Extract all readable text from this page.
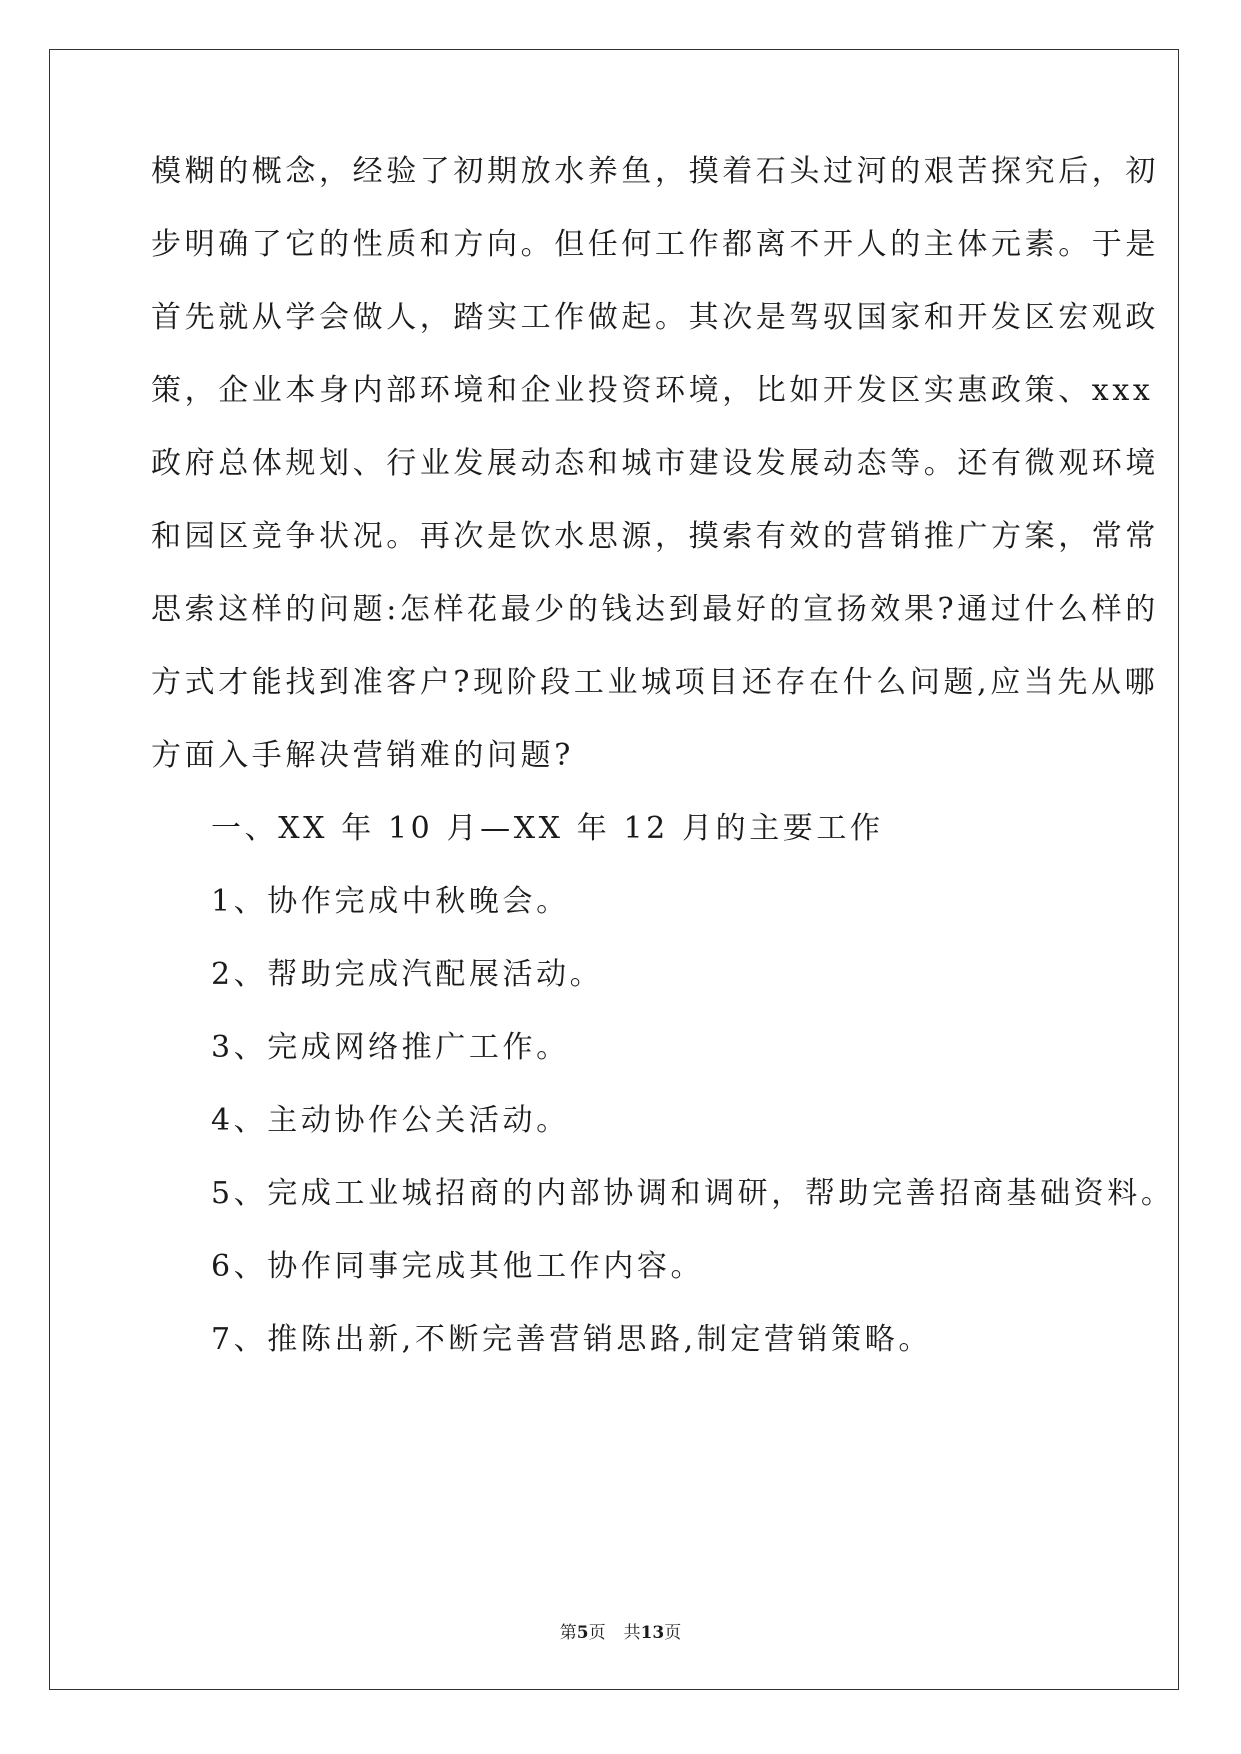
模糊的概念，经验了初期放水养鱼，摸着石头过河的艰苦探究后，初
步明确了它的性质和方向。但任何工作都离不开人的主体元素。于是
首先就从学会做人，踏实工作做起。其次是驾驭国家和开发区宏观政
策，企业本身内部环境和企业投资环境，比如开发区实惠政策、xxx
政府总体规划、行业发展动态和城市建设发展动态等。还有微观环境
和园区竞争状况。再次是饮水思源，摸索有效的营销推广方案，常常
思索这样的问题:怎样花最少的钱达到最好的宣扬效果?通过什么样的
方式才能找到准客户?现阶段工业城项目还存在什么问题,应当先从哪
方面入手解决营销难的问题?
一、XX 年 10 月—XX 年 12 月的主要工作
1、协作完成中秋晚会。
2、帮助完成汽配展活动。
3、完成网络推广工作。
4、主动协作公关活动。
5、完成工业城招商的内部协调和调研，帮助完善招商基础资料。
6、协作同事完成其他工作内容。
7、推陈出新,不断完善营销思路,制定营销策略。
第5页 共13页
